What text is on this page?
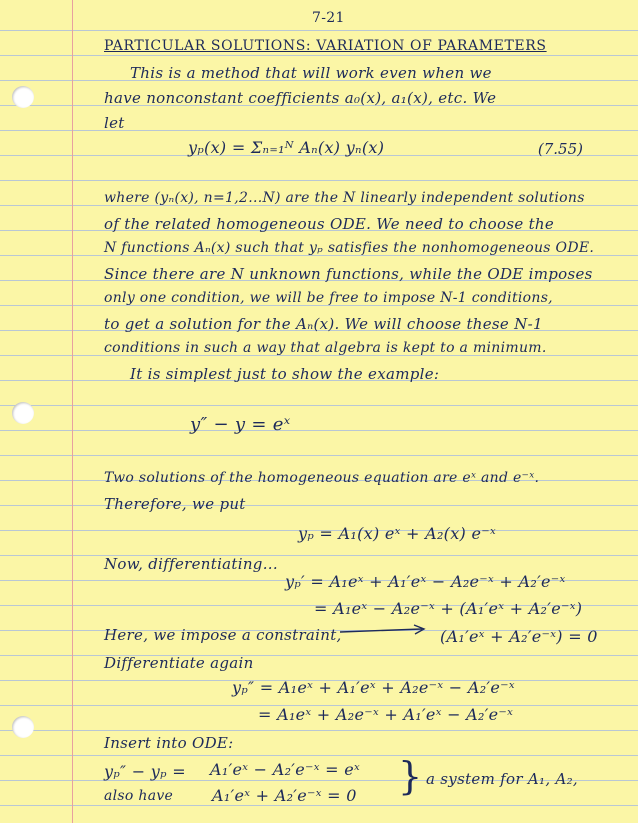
7-21
PARTICULAR SOLUTIONS: VARIATION OF PARAMETERS
This is a method that will work even when we
have nonconstant coefficients a₀(x), a₁(x), etc. We
let
yₚ(x) = Σₙ₌₁ᴺ Aₙ(x) yₙ(x)	(7.55)
where (yₙ(x), n=1,2...N) are the N linearly independent solutions
of the related homogeneous ODE. We need to choose the
N functions Aₙ(x) such that yₚ satisfies the nonhomogeneous ODE.
Since there are N unknown functions, while the ODE imposes
only one condition, we will be free to impose N-1 conditions,
to get a solution for the Aₙ(x). We will choose these N-1
conditions in such a way that algebra is kept to a minimum.
It is simplest just to show the example:
y″ − y = eˣ
Two solutions of the homogeneous equation are eˣ and e⁻ˣ.
Therefore, we put
yₚ = A₁(x) eˣ + A₂(x) e⁻ˣ
Now, differentiating...
yₚ′ = A₁eˣ + A₁′eˣ − A₂e⁻ˣ + A₂′e⁻ˣ
= A₁eˣ − A₂e⁻ˣ + (A₁′eˣ + A₂′e⁻ˣ)
Here, we impose a constraint,	(A₁′eˣ + A₂′e⁻ˣ) = 0
Differentiate again
yₚ″ = A₁eˣ + A₁′eˣ + A₂e⁻ˣ − A₂′e⁻ˣ
= A₁eˣ + A₂e⁻ˣ + A₁′eˣ − A₂′e⁻ˣ
Insert into ODE:
yₚ″ − yₚ = A₁′eˣ − A₂′e⁻ˣ = eˣ
also have A₁′eˣ + A₂′e⁻ˣ = 0 } a system for A₁, A₂,
